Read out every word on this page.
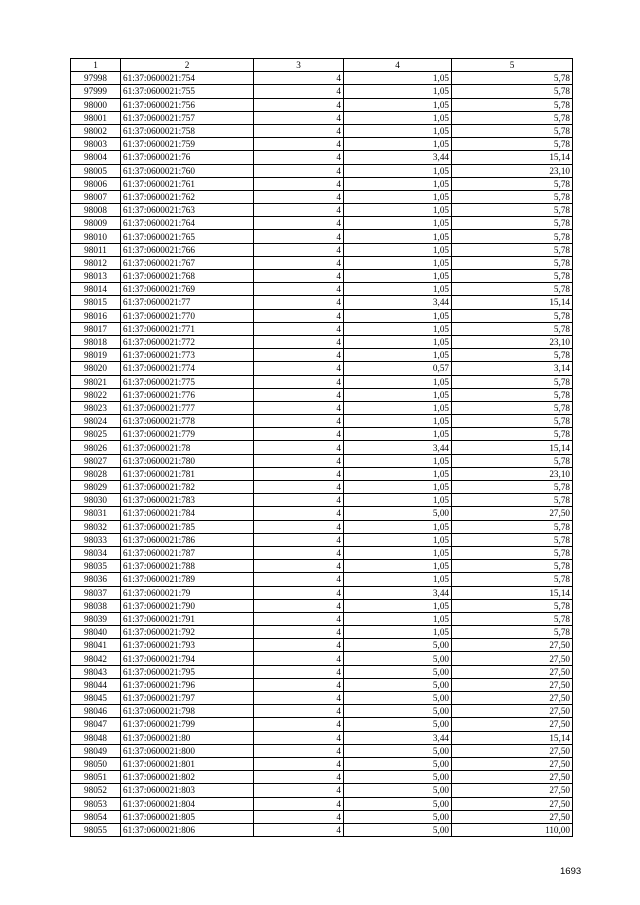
1	2	3	4	5
97998	61:37:0600021:754	4	1,05	5,78
97999	61:37:0600021:755	4	1,05	5,78
98000	61:37:0600021:756	4	1,05	5,78
98001	61:37:0600021:757	4	1,05	5,78
98002	61:37:0600021:758	4	1,05	5,78
98003	61:37:0600021:759	4	1,05	5,78
98004	61:37:0600021:76	4	3,44	15,14
98005	61:37:0600021:760	4	1,05	23,10
98006	61:37:0600021:761	4	1,05	5,78
98007	61:37:0600021:762	4	1,05	5,78
98008	61:37:0600021:763	4	1,05	5,78
98009	61:37:0600021:764	4	1,05	5,78
98010	61:37:0600021:765	4	1,05	5,78
98011	61:37:0600021:766	4	1,05	5,78
98012	61:37:0600021:767	4	1,05	5,78
98013	61:37:0600021:768	4	1,05	5,78
98014	61:37:0600021:769	4	1,05	5,78
98015	61:37:0600021:77	4	3,44	15,14
98016	61:37:0600021:770	4	1,05	5,78
98017	61:37:0600021:771	4	1,05	5,78
98018	61:37:0600021:772	4	1,05	23,10
98019	61:37:0600021:773	4	1,05	5,78
98020	61:37:0600021:774	4	0,57	3,14
98021	61:37:0600021:775	4	1,05	5,78
98022	61:37:0600021:776	4	1,05	5,78
98023	61:37:0600021:777	4	1,05	5,78
98024	61:37:0600021:778	4	1,05	5,78
98025	61:37:0600021:779	4	1,05	5,78
98026	61:37:0600021:78	4	3,44	15,14
98027	61:37:0600021:780	4	1,05	5,78
98028	61:37:0600021:781	4	1,05	23,10
98029	61:37:0600021:782	4	1,05	5,78
98030	61:37:0600021:783	4	1,05	5,78
98031	61:37:0600021:784	4	5,00	27,50
98032	61:37:0600021:785	4	1,05	5,78
98033	61:37:0600021:786	4	1,05	5,78
98034	61:37:0600021:787	4	1,05	5,78
98035	61:37:0600021:788	4	1,05	5,78
98036	61:37:0600021:789	4	1,05	5,78
98037	61:37:0600021:79	4	3,44	15,14
98038	61:37:0600021:790	4	1,05	5,78
98039	61:37:0600021:791	4	1,05	5,78
98040	61:37:0600021:792	4	1,05	5,78
98041	61:37:0600021:793	4	5,00	27,50
98042	61:37:0600021:794	4	5,00	27,50
98043	61:37:0600021:795	4	5,00	27,50
98044	61:37:0600021:796	4	5,00	27,50
98045	61:37:0600021:797	4	5,00	27,50
98046	61:37:0600021:798	4	5,00	27,50
98047	61:37:0600021:799	4	5,00	27,50
98048	61:37:0600021:80	4	3,44	15,14
98049	61:37:0600021:800	4	5,00	27,50
98050	61:37:0600021:801	4	5,00	27,50
98051	61:37:0600021:802	4	5,00	27,50
98052	61:37:0600021:803	4	5,00	27,50
98053	61:37:0600021:804	4	5,00	27,50
98054	61:37:0600021:805	4	5,00	27,50
98055	61:37:0600021:806	4	5,00	110,00
1693
